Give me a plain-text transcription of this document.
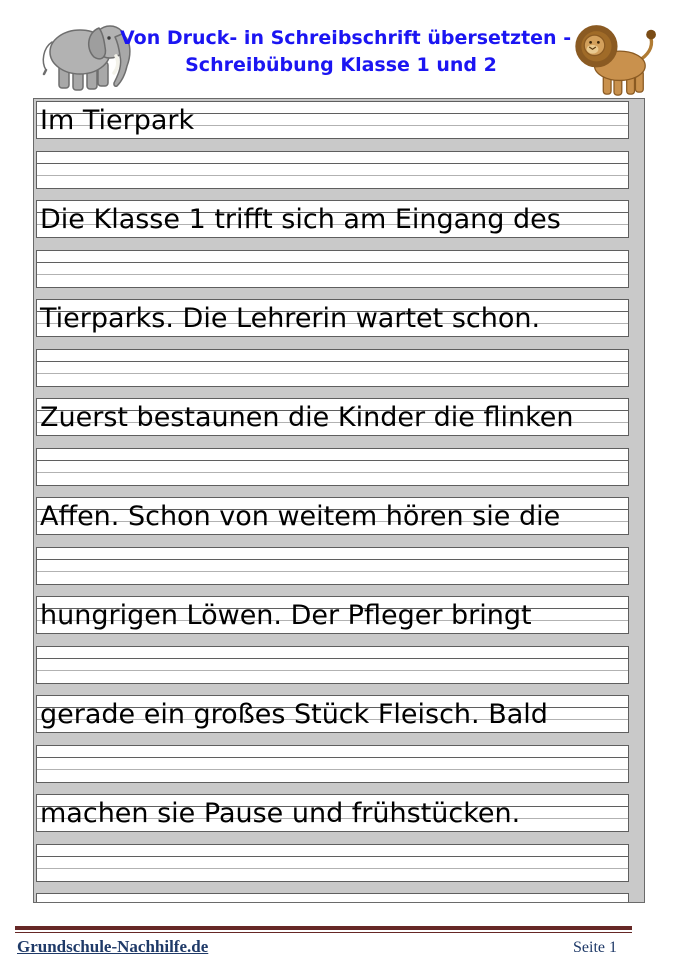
Von Druck- in Schreibschrift übersetzten -
Schreibübung Klasse 1 und 2
Im Tierpark
Die Klasse 1 trifft sich am Eingang des
Tierparks. Die Lehrerin wartet schon.
Zuerst bestaunen die Kinder die flinken
Affen. Schon von weitem hören sie die
hungrigen Löwen. Der Pfleger bringt
gerade ein großes Stück Fleisch. Bald
machen sie Pause und frühstücken.
Grundschule-Nachhilfe.de	Seite 1
